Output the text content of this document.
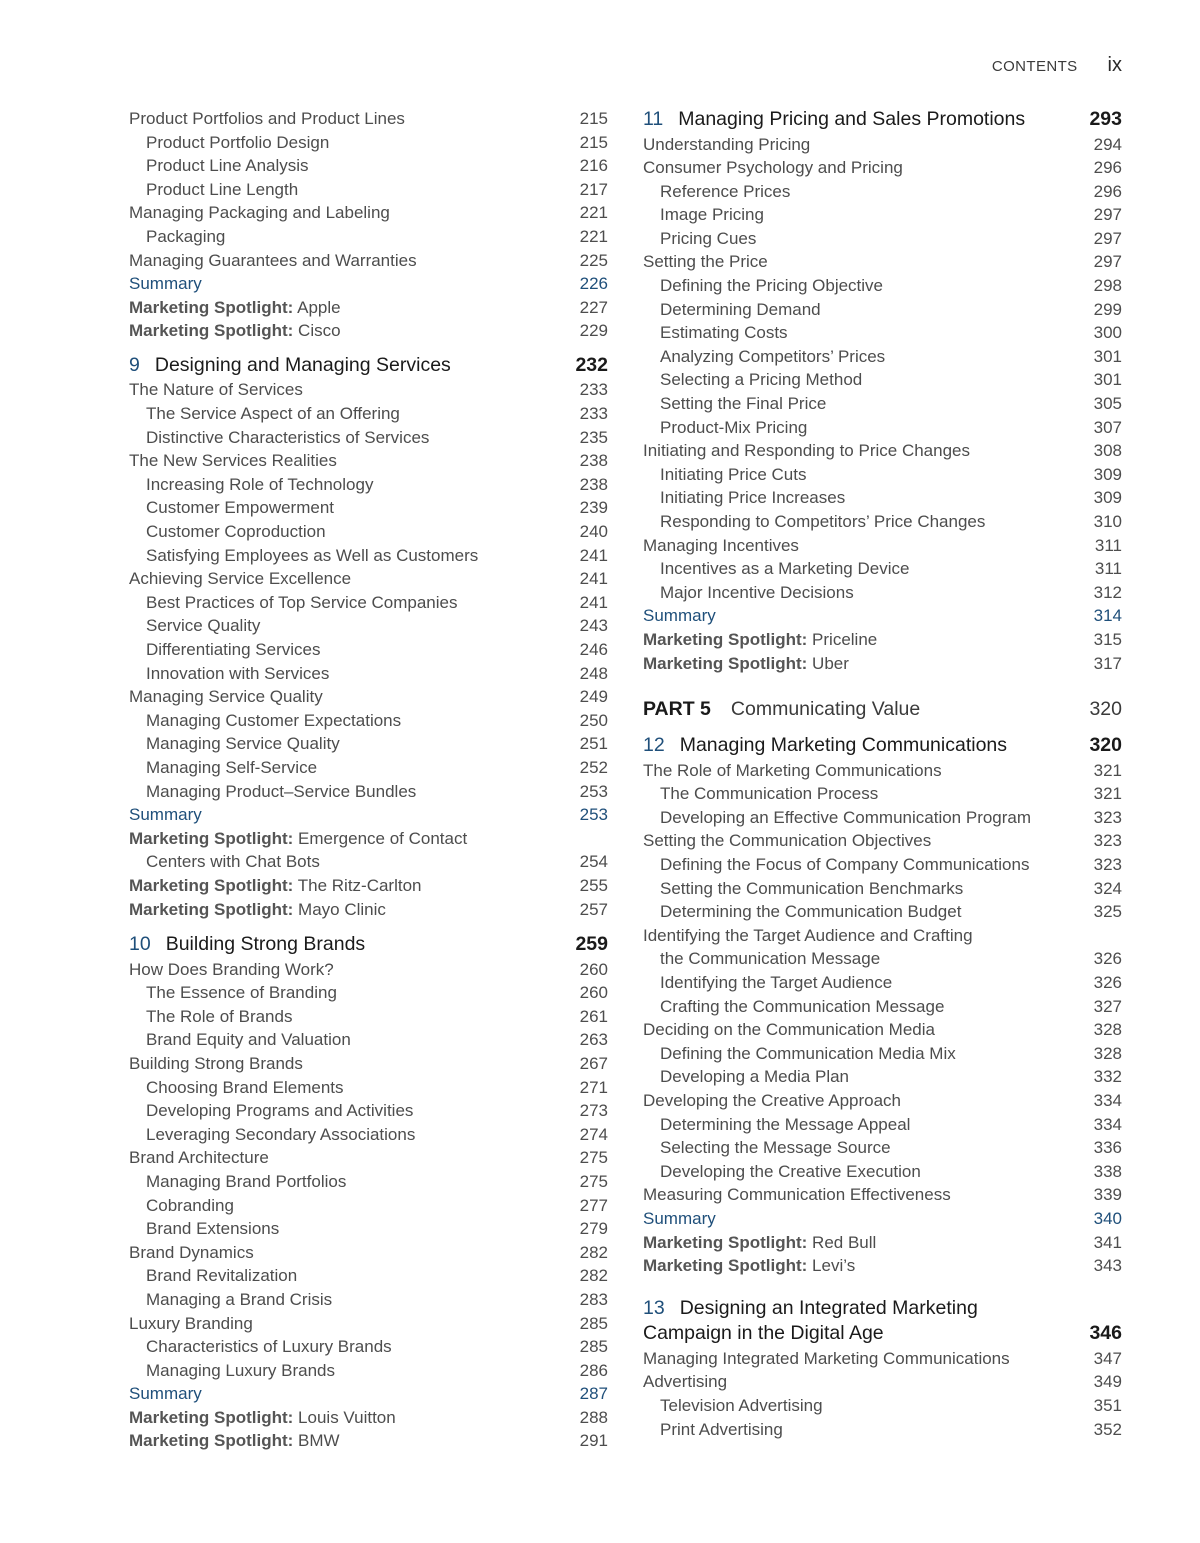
CONTENTS ix
Product Portfolios and Product Lines	215
Product Portfolio Design	215
Product Line Analysis	216
Product Line Length	217
Managing Packaging and Labeling	221
Packaging	221
Managing Guarantees and Warranties	225
Summary	226
Marketing Spotlight: Apple	227
Marketing Spotlight: Cisco	229
9 Designing and Managing Services	232
The Nature of Services	233
The Service Aspect of an Offering	233
Distinctive Characteristics of Services	235
The New Services Realities	238
Increasing Role of Technology	238
Customer Empowerment	239
Customer Coproduction	240
Satisfying Employees as Well as Customers	241
Achieving Service Excellence	241
Best Practices of Top Service Companies	241
Service Quality	243
Differentiating Services	246
Innovation with Services	248
Managing Service Quality	249
Managing Customer Expectations	250
Managing Service Quality	251
Managing Self-Service	252
Managing Product–Service Bundles	253
Summary	253
Marketing Spotlight: Emergence of Contact
Centers with Chat Bots	254
Marketing Spotlight: The Ritz-Carlton	255
Marketing Spotlight: Mayo Clinic	257
10 Building Strong Brands	259
How Does Branding Work?	260
The Essence of Branding	260
The Role of Brands	261
Brand Equity and Valuation	263
Building Strong Brands	267
Choosing Brand Elements	271
Developing Programs and Activities	273
Leveraging Secondary Associations	274
Brand Architecture	275
Managing Brand Portfolios	275
Cobranding	277
Brand Extensions	279
Brand Dynamics	282
Brand Revitalization	282
Managing a Brand Crisis	283
Luxury Branding	285
Characteristics of Luxury Brands	285
Managing Luxury Brands	286
Summary	287
Marketing Spotlight: Louis Vuitton	288
Marketing Spotlight: BMW	291
11 Managing Pricing and Sales Promotions	293
Understanding Pricing	294
Consumer Psychology and Pricing	296
Reference Prices	296
Image Pricing	297
Pricing Cues	297
Setting the Price	297
Defining the Pricing Objective	298
Determining Demand	299
Estimating Costs	300
Analyzing Competitors’ Prices	301
Selecting a Pricing Method	301
Setting the Final Price	305
Product-Mix Pricing	307
Initiating and Responding to Price Changes	308
Initiating Price Cuts	309
Initiating Price Increases	309
Responding to Competitors’ Price Changes	310
Managing Incentives	311
Incentives as a Marketing Device	311
Major Incentive Decisions	312
Summary	314
Marketing Spotlight: Priceline	315
Marketing Spotlight: Uber	317
PART 5 Communicating Value	320
12 Managing Marketing Communications	320
The Role of Marketing Communications	321
The Communication Process	321
Developing an Effective Communication Program	323
Setting the Communication Objectives	323
Defining the Focus of Company Communications	323
Setting the Communication Benchmarks	324
Determining the Communication Budget	325
Identifying the Target Audience and Crafting
the Communication Message	326
Identifying the Target Audience	326
Crafting the Communication Message	327
Deciding on the Communication Media	328
Defining the Communication Media Mix	328
Developing a Media Plan	332
Developing the Creative Approach	334
Determining the Message Appeal	334
Selecting the Message Source	336
Developing the Creative Execution	338
Measuring Communication Effectiveness	339
Summary	340
Marketing Spotlight: Red Bull	341
Marketing Spotlight: Levi’s	343
13 Designing an Integrated Marketing
Campaign in the Digital Age	346
Managing Integrated Marketing Communications	347
Advertising	349
Television Advertising	351
Print Advertising	352
